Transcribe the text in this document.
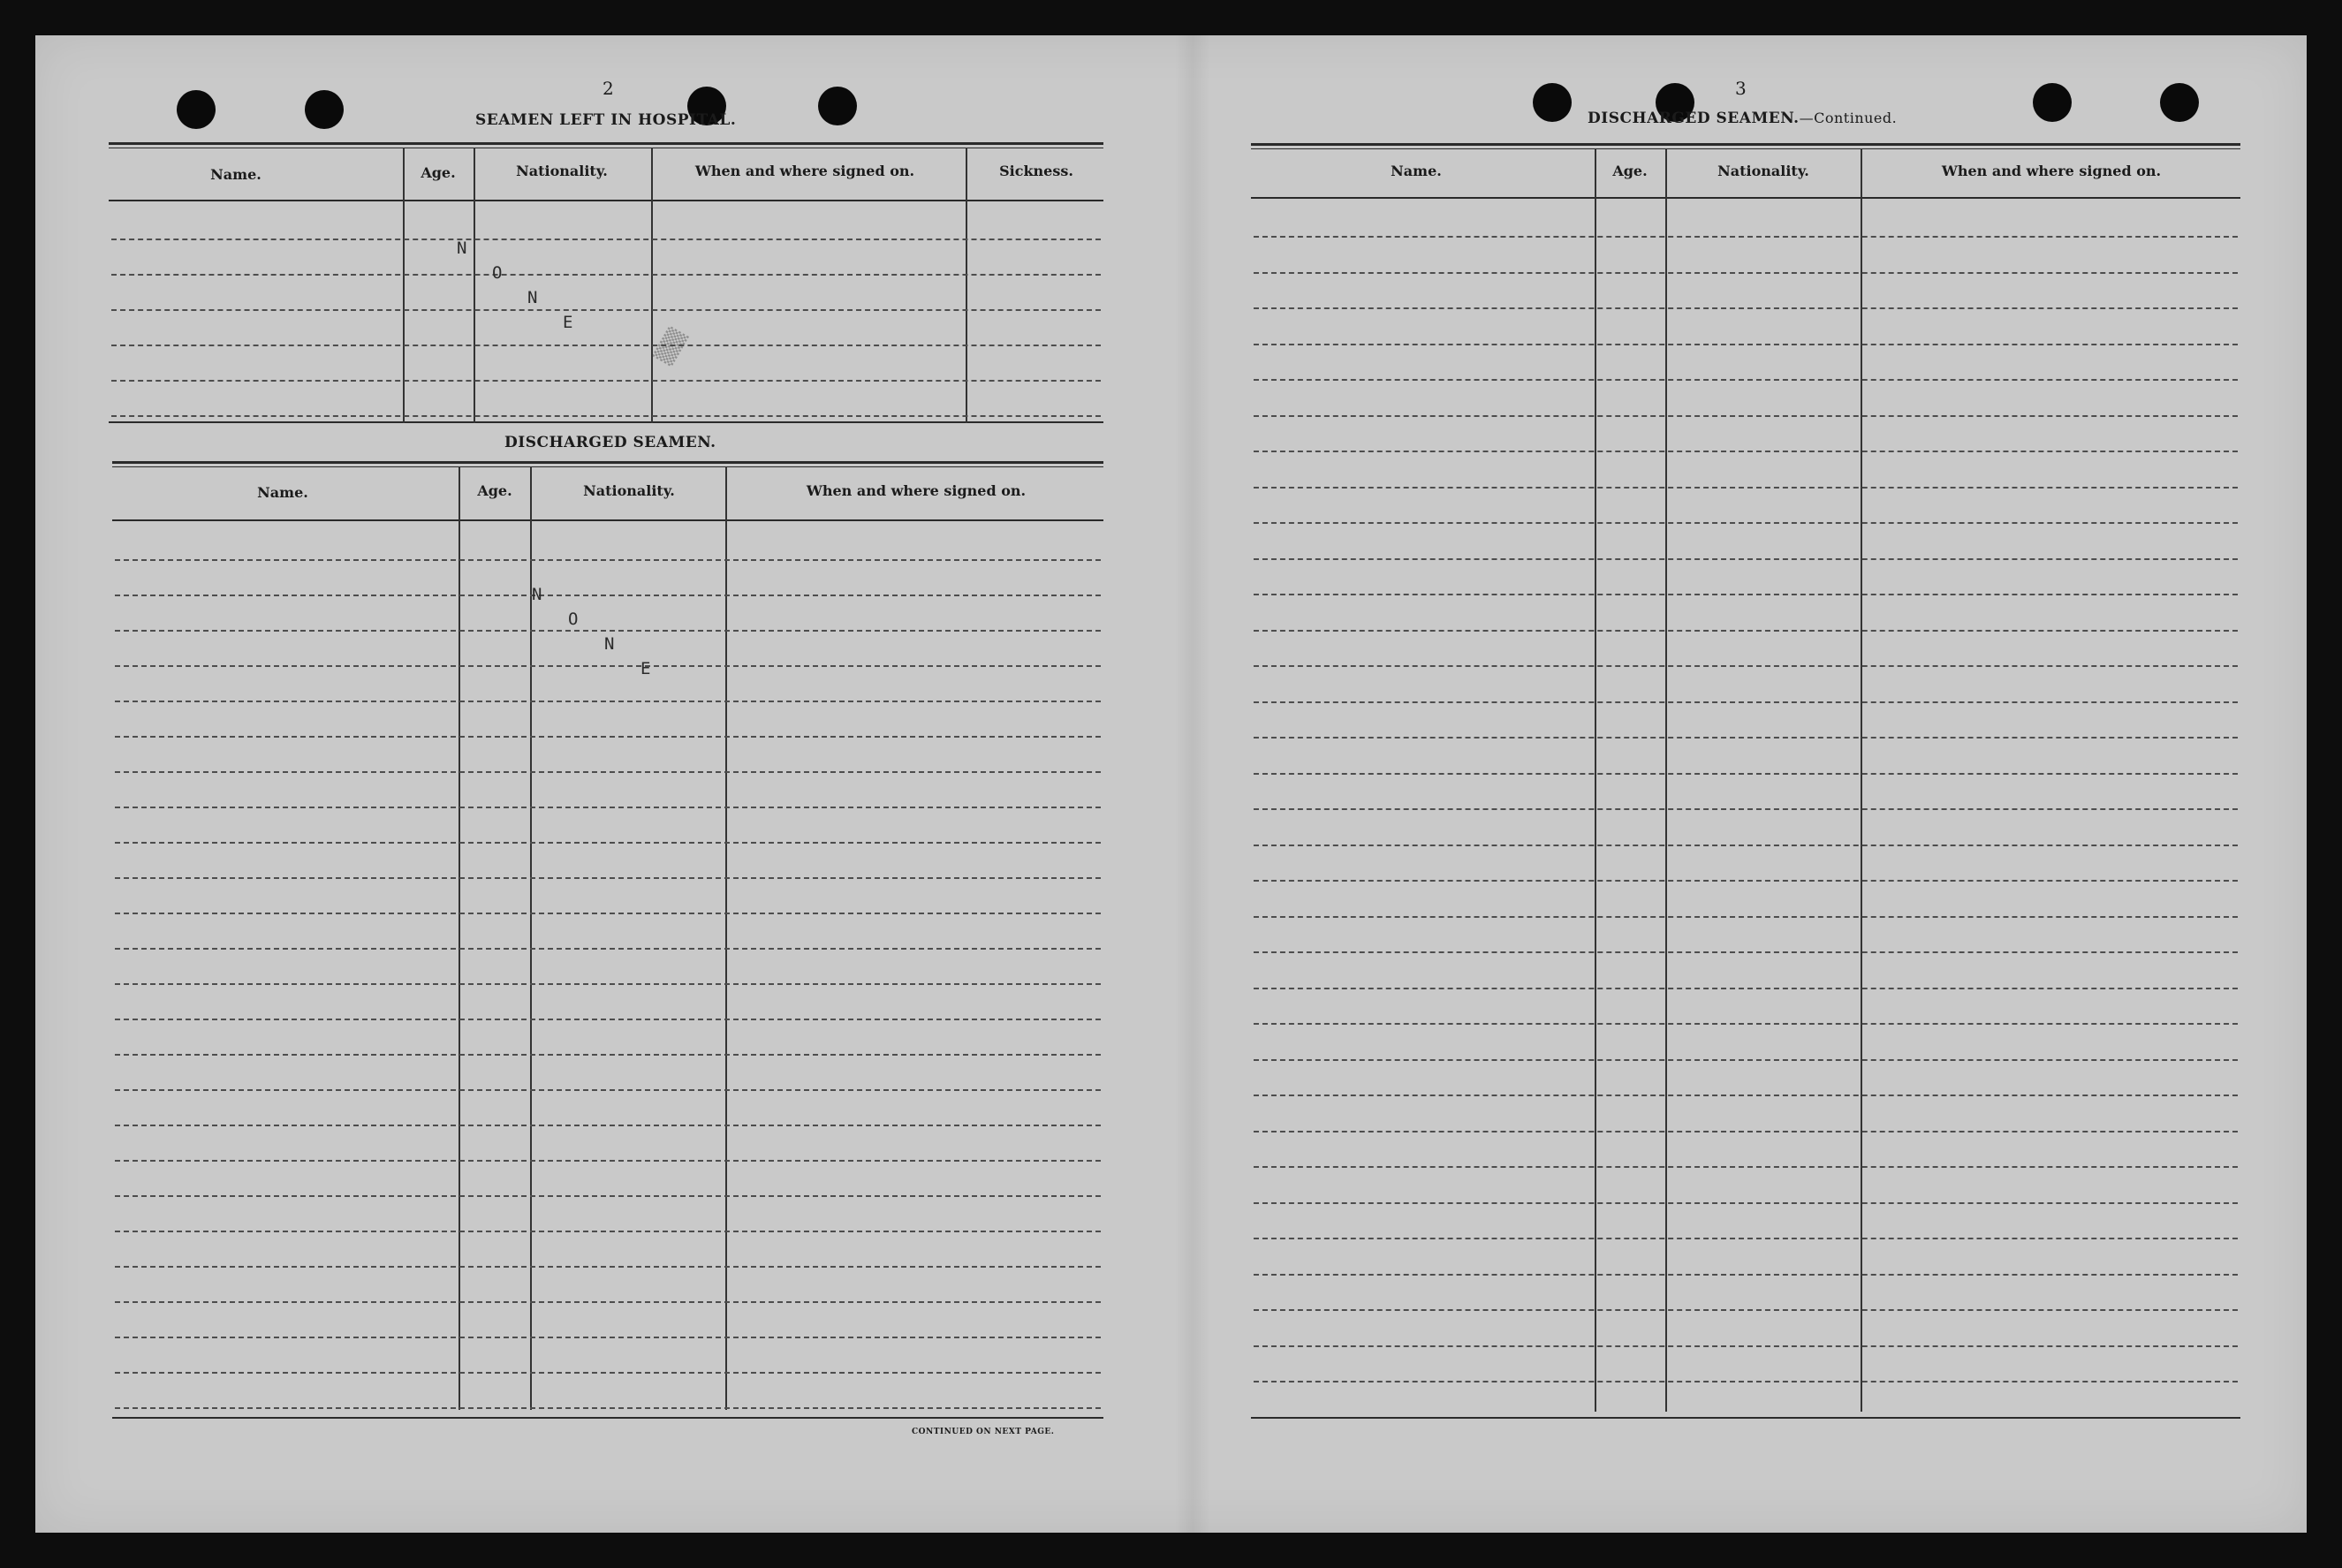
2
SEAMEN LEFT IN HOSPITAL.
Name.	Age.	Nationality.	When and where signed on.	Sickness.
N
O
N
E
DISCHARGED SEAMEN.
Name.	Age.	Nationality.	When and where signed on.
N
O
N
E
CONTINUED ON NEXT PAGE.
3
DISCHARGED SEAMEN.—Continued.
Name.	Age.	Nationality.	When and where signed on.
▒▒▒
